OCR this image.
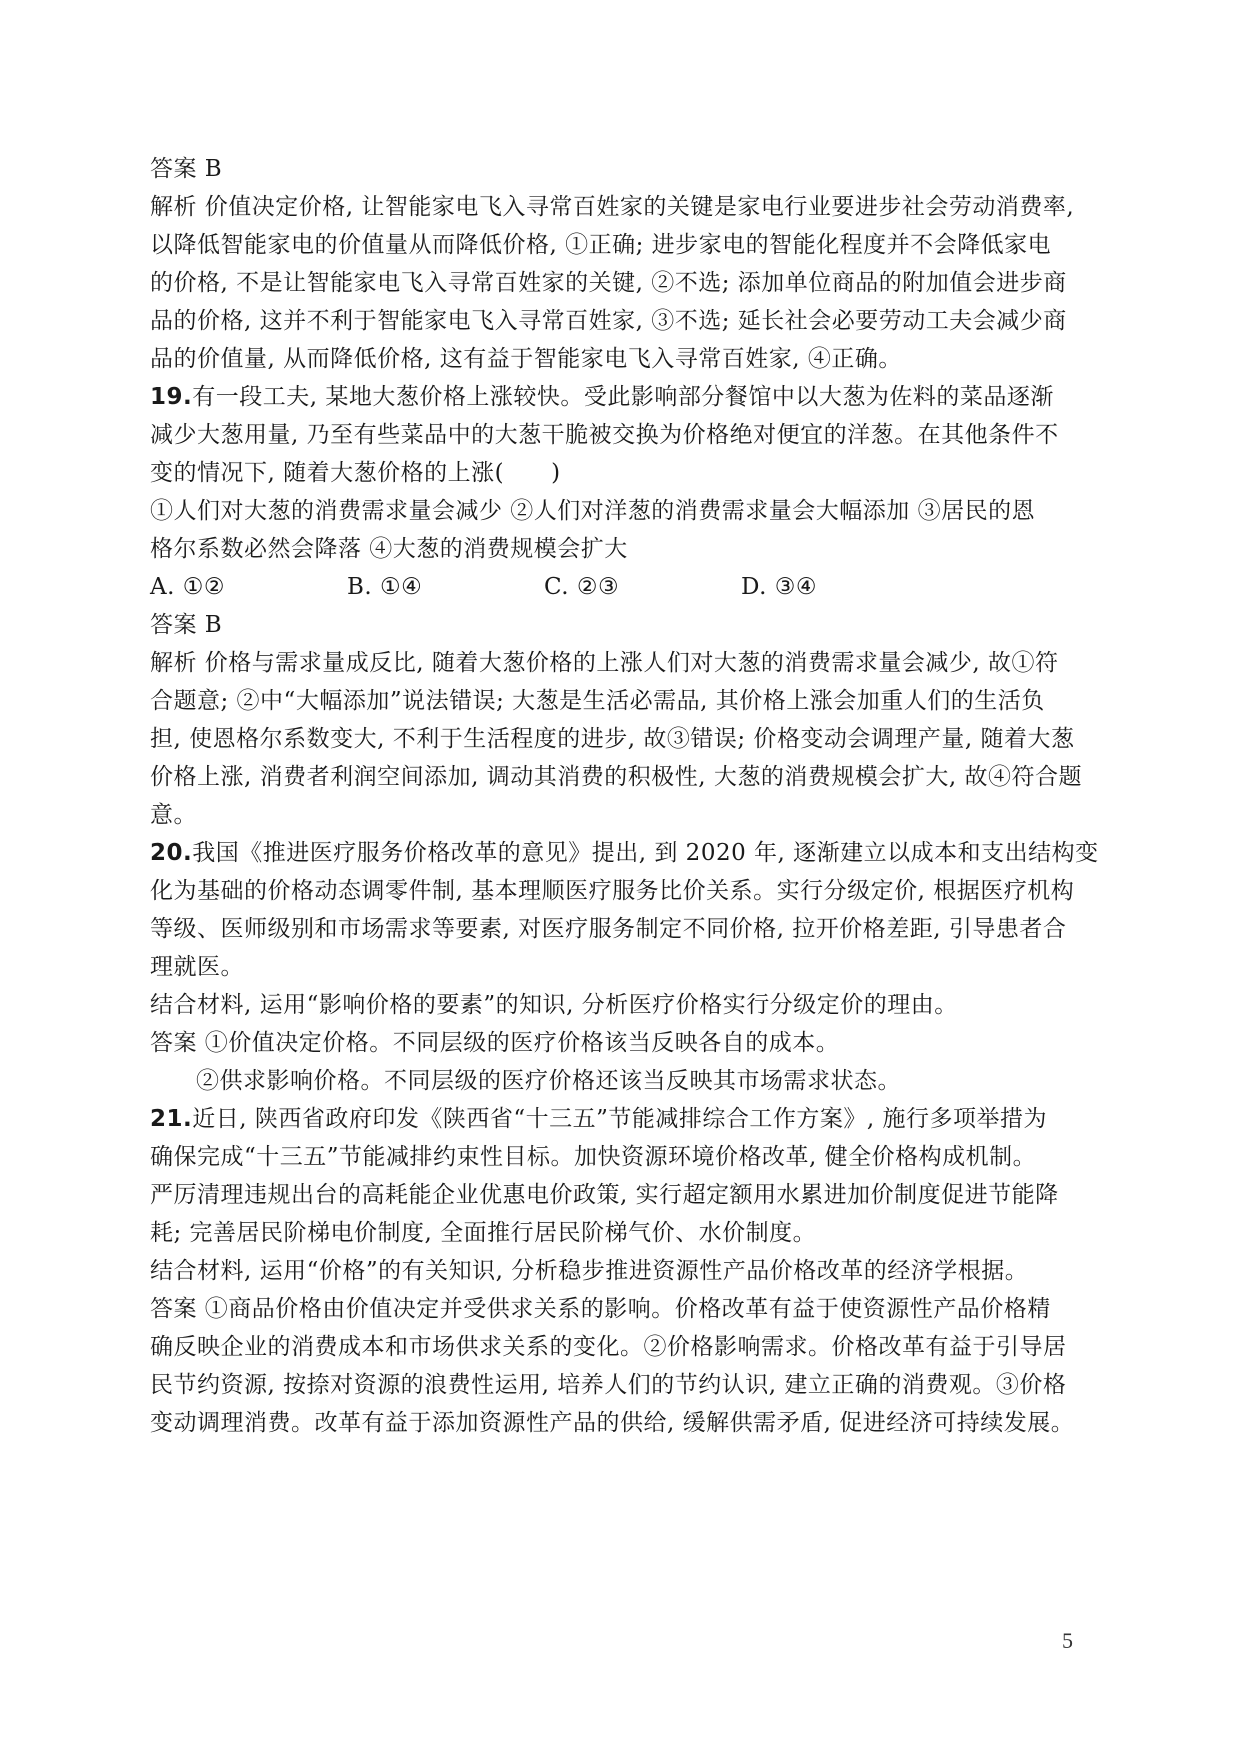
答案 B
解析 价值决定价格, 让智能家电飞入寻常百姓家的关键是家电行业要进步社会劳动消费率,
以降低智能家电的价值量从而降低价格, ①正确; 进步家电的智能化程度并不会降低家电
的价格, 不是让智能家电飞入寻常百姓家的关键, ②不选; 添加单位商品的附加值会进步商
品的价格, 这并不利于智能家电飞入寻常百姓家, ③不选; 延长社会必要劳动工夫会减少商
品的价值量, 从而降低价格, 这有益于智能家电飞入寻常百姓家, ④正确。
19.有一段工夫, 某地大葱价格上涨较快。受此影响部分餐馆中以大葱为佐料的菜品逐渐
减少大葱用量, 乃至有些菜品中的大葱干脆被交换为价格绝对便宜的洋葱。在其他条件不
变的情况下, 随着大葱价格的上涨(　　)
①人们对大葱的消费需求量会减少 ②人们对洋葱的消费需求量会大幅添加 ③居民的恩
格尔系数必然会降落 ④大葱的消费规模会扩大
A. ①②	B. ①④	C. ②③	D. ③④
答案 B
解析 价格与需求量成反比, 随着大葱价格的上涨人们对大葱的消费需求量会减少, 故①符
合题意; ②中“大幅添加”说法错误; 大葱是生活必需品, 其价格上涨会加重人们的生活负
担, 使恩格尔系数变大, 不利于生活程度的进步, 故③错误; 价格变动会调理产量, 随着大葱
价格上涨, 消费者利润空间添加, 调动其消费的积极性, 大葱的消费规模会扩大, 故④符合题
意。
20.我国《推进医疗服务价格改革的意见》提出, 到 2020 年, 逐渐建立以成本和支出结构变
化为基础的价格动态调零件制, 基本理顺医疗服务比价关系。实行分级定价, 根据医疗机构
等级、医师级别和市场需求等要素, 对医疗服务制定不同价格, 拉开价格差距, 引导患者合
理就医。
结合材料, 运用“影响价格的要素”的知识, 分析医疗价格实行分级定价的理由。
答案 ①价值决定价格。不同层级的医疗价格该当反映各自的成本。
②供求影响价格。不同层级的医疗价格还该当反映其市场需求状态。
21.近日, 陕西省政府印发《陕西省“十三五”节能减排综合工作方案》, 施行多项举措为
确保完成“十三五”节能减排约束性目标。加快资源环境价格改革, 健全价格构成机制。
严厉清理违规出台的高耗能企业优惠电价政策, 实行超定额用水累进加价制度促进节能降
耗; 完善居民阶梯电价制度, 全面推行居民阶梯气价、水价制度。
结合材料, 运用“价格”的有关知识, 分析稳步推进资源性产品价格改革的经济学根据。
答案 ①商品价格由价值决定并受供求关系的影响。价格改革有益于使资源性产品价格精
确反映企业的消费成本和市场供求关系的变化。②价格影响需求。价格改革有益于引导居
民节约资源, 按捺对资源的浪费性运用, 培养人们的节约认识, 建立正确的消费观。③价格
变动调理消费。改革有益于添加资源性产品的供给, 缓解供需矛盾, 促进经济可持续发展。
5
